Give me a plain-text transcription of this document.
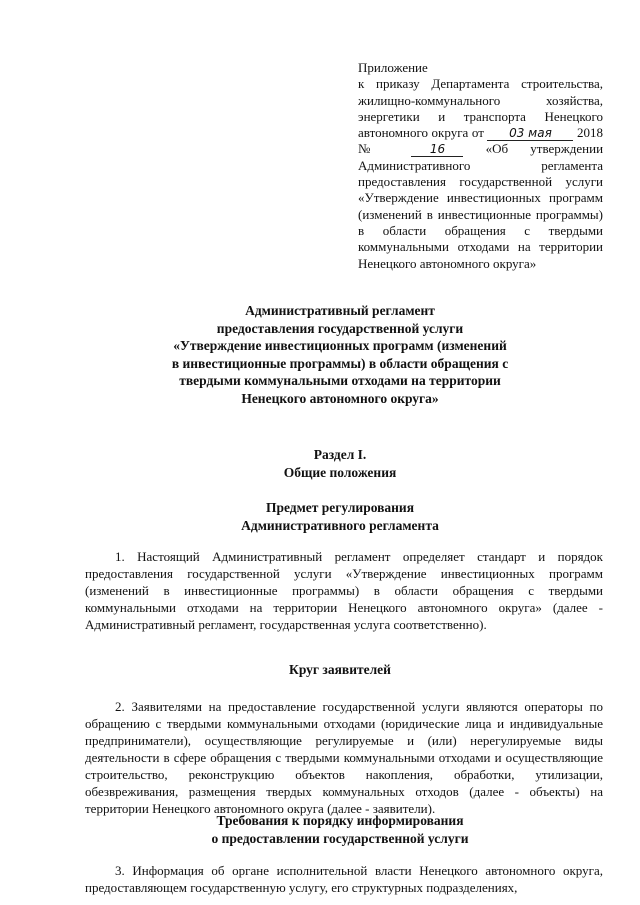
Приложение
к приказу Департамента строительства, жилищно-коммунального хозяйства, энергетики и транспорта Ненецкого автономного округа от 03 мая 2018 №	16	«Об утверждении Административного регламента предоставления государственной услуги «Утверждение инвестиционных программ (изменений в инвестиционные программы) в области обращения с твердыми коммунальными отходами на территории Ненецкого автономного округа»
Административный регламент
предоставления государственной услуги
«Утверждение инвестиционных программ (изменений
в инвестиционные программы) в области обращения с
твердыми коммунальными отходами на территории
Ненецкого автономного округа»
Раздел I.
Общие положения
Предмет регулирования
Административного регламента

1. Настоящий Административный регламент определяет стандарт и порядок предоставления государственной услуги «Утверждение инвестиционных программ (изменений в инвестиционные программы) в области обращения с твердыми коммунальными отходами на территории Ненецкого автономного округа» (далее - Административный регламент, государственная услуга соответственно).

Круг заявителей

2. Заявителями на предоставление государственной услуги являются операторы по обращению с твердыми коммунальными отходами (юридические лица и индивидуальные предприниматели), осуществляющие регулируемые и (или) нерегулируемые виды деятельности в сфере обращения с твердыми коммунальными отходами и осуществляющие строительство, реконструкцию объектов накопления, обработки, утилизации, обезвреживания, размещения твердых коммунальных отходов (далее - объекты) на территории Ненецкого автономного округа (далее - заявители).

Требования к порядку информирования
о предоставлении государственной услуги

3. Информация об органе исполнительной власти Ненецкого автономного округа, предоставляющем государственную услугу, его структурных подразделениях,
